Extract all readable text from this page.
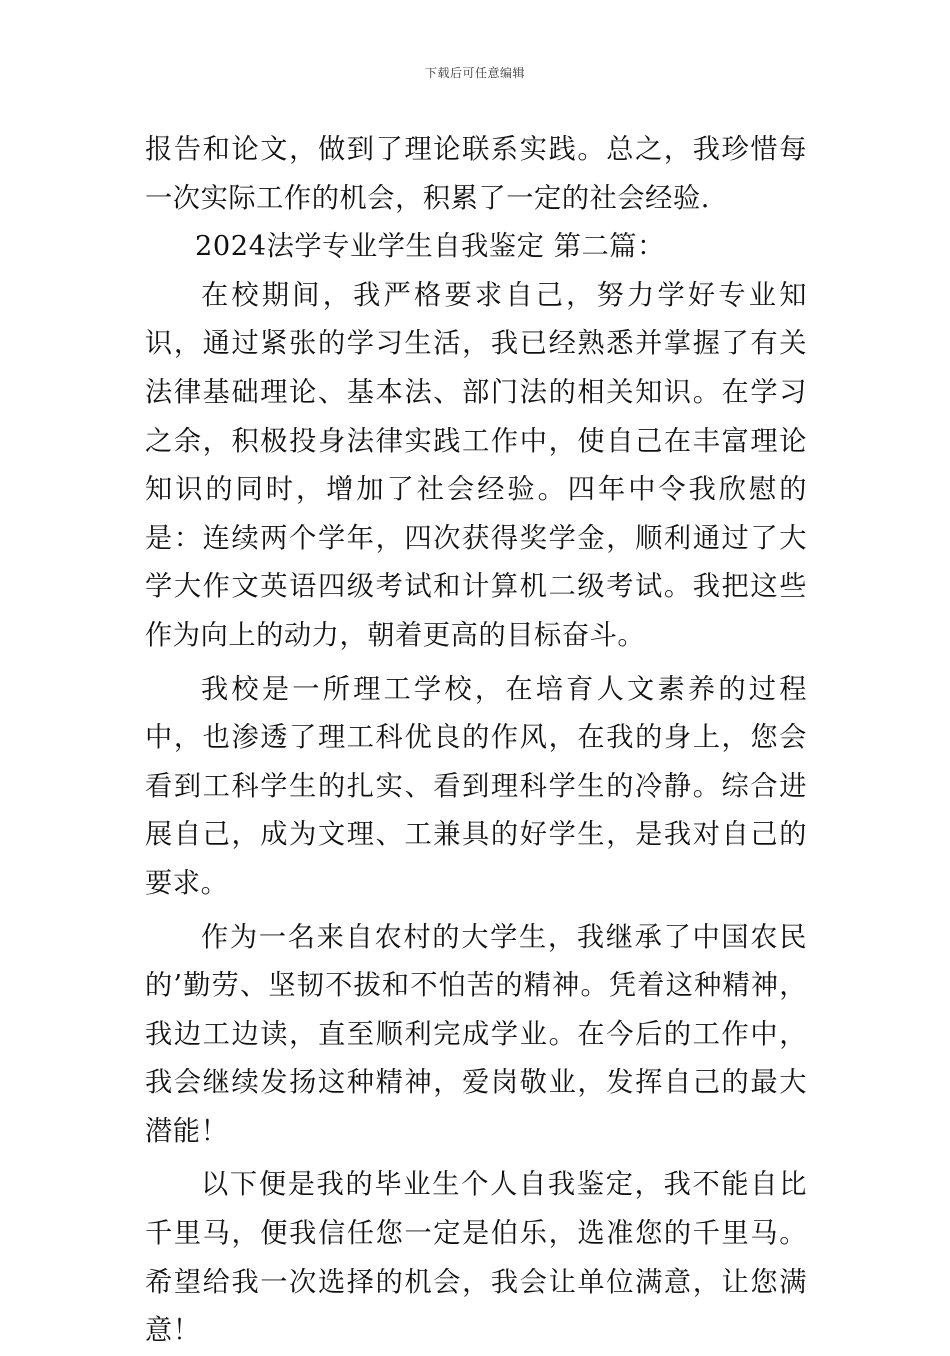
下载后可任意编辑

报告和论文，做到了理论联系实践。总之，我珍惜每一次实际工作的机会，积累了一定的社会经验.

2024法学专业学生自我鉴定 第二篇：

在校期间，我严格要求自己，努力学好专业知识，通过紧张的学习生活，我已经熟悉并掌握了有关法律基础理论、基本法、部门法的相关知识。在学习之余，积极投身法律实践工作中，使自己在丰富理论知识的同时，增加了社会经验。四年中令我欣慰的是：连续两个学年，四次获得奖学金，顺利通过了大学大作文英语四级考试和计算机二级考试。我把这些作为向上的动力，朝着更高的目标奋斗。

我校是一所理工学校，在培育人文素养的过程中，也渗透了理工科优良的作风，在我的身上，您会看到工科学生的扎实、看到理科学生的冷静。综合进展自己，成为文理、工兼具的好学生，是我对自己的要求。

作为一名来自农村的大学生，我继承了中国农民的’勤劳、坚韧不拔和不怕苦的精神。凭着这种精神，我边工边读，直至顺利完成学业。在今后的工作中，我会继续发扬这种精神，爱岗敬业，发挥自己的最大潜能！

以下便是我的毕业生个人自我鉴定，我不能自比千里马，便我信任您一定是伯乐，选准您的千里马。希望给我一次选择的机会，我会让单位满意，让您满意！
